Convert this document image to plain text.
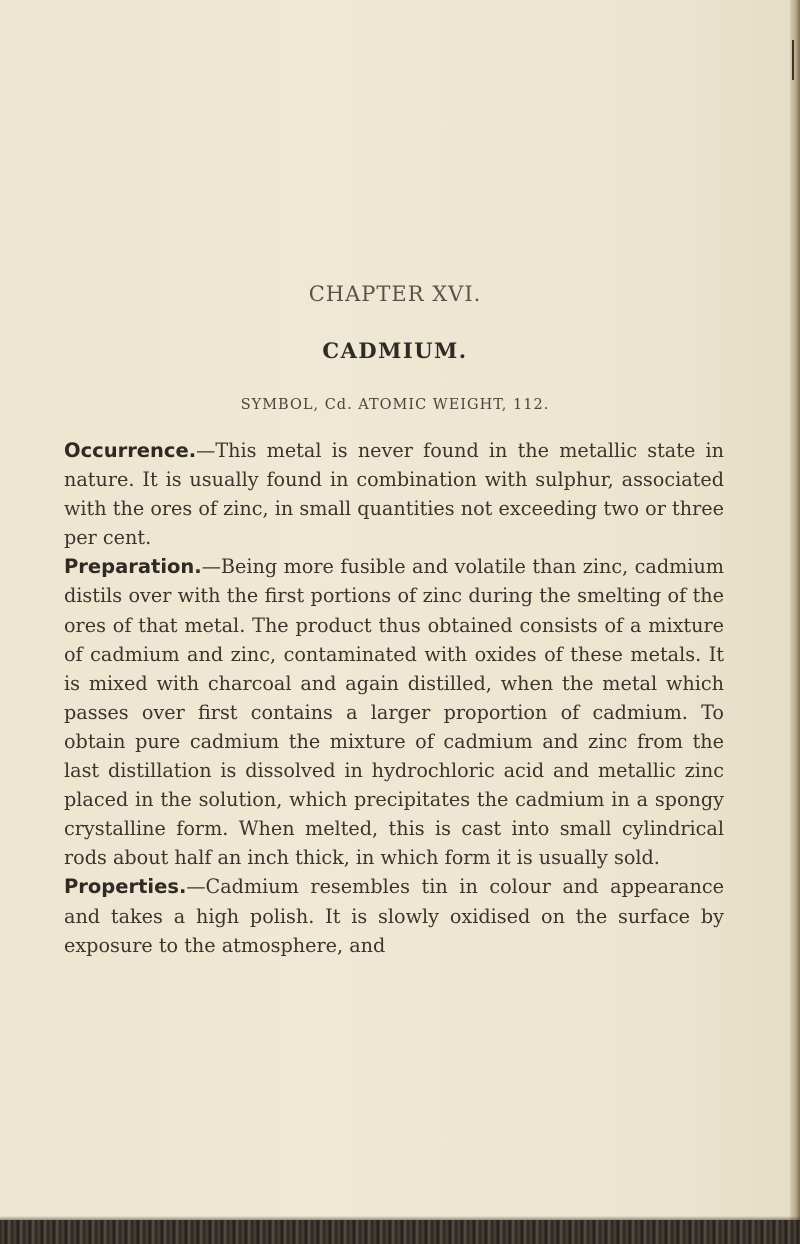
CHAPTER XVI.
CADMIUM.
SYMBOL, Cd. ATOMIC WEIGHT, 112.

Occurrence.—This metal is never found in the metallic state in nature. It is usually found in combination with sulphur, associated with the ores of zinc, in small quantities not exceeding two or three per cent.

Preparation.—Being more fusible and volatile than zinc, cadmium distils over with the first portions of zinc during the smelting of the ores of that metal. The product thus obtained consists of a mixture of cadmium and zinc, contaminated with oxides of these metals. It is mixed with charcoal and again distilled, when the metal which passes over first contains a larger proportion of cadmium. To obtain pure cadmium the mixture of cadmium and zinc from the last distillation is dissolved in hydrochloric acid and metallic zinc placed in the solution, which precipitates the cadmium in a spongy crystalline form. When melted, this is cast into small cylindrical rods about half an inch thick, in which form it is usually sold.

Properties.—Cadmium resembles tin in colour and appearance and takes a high polish. It is slowly oxidised on the surface by exposure to the atmosphere, and
